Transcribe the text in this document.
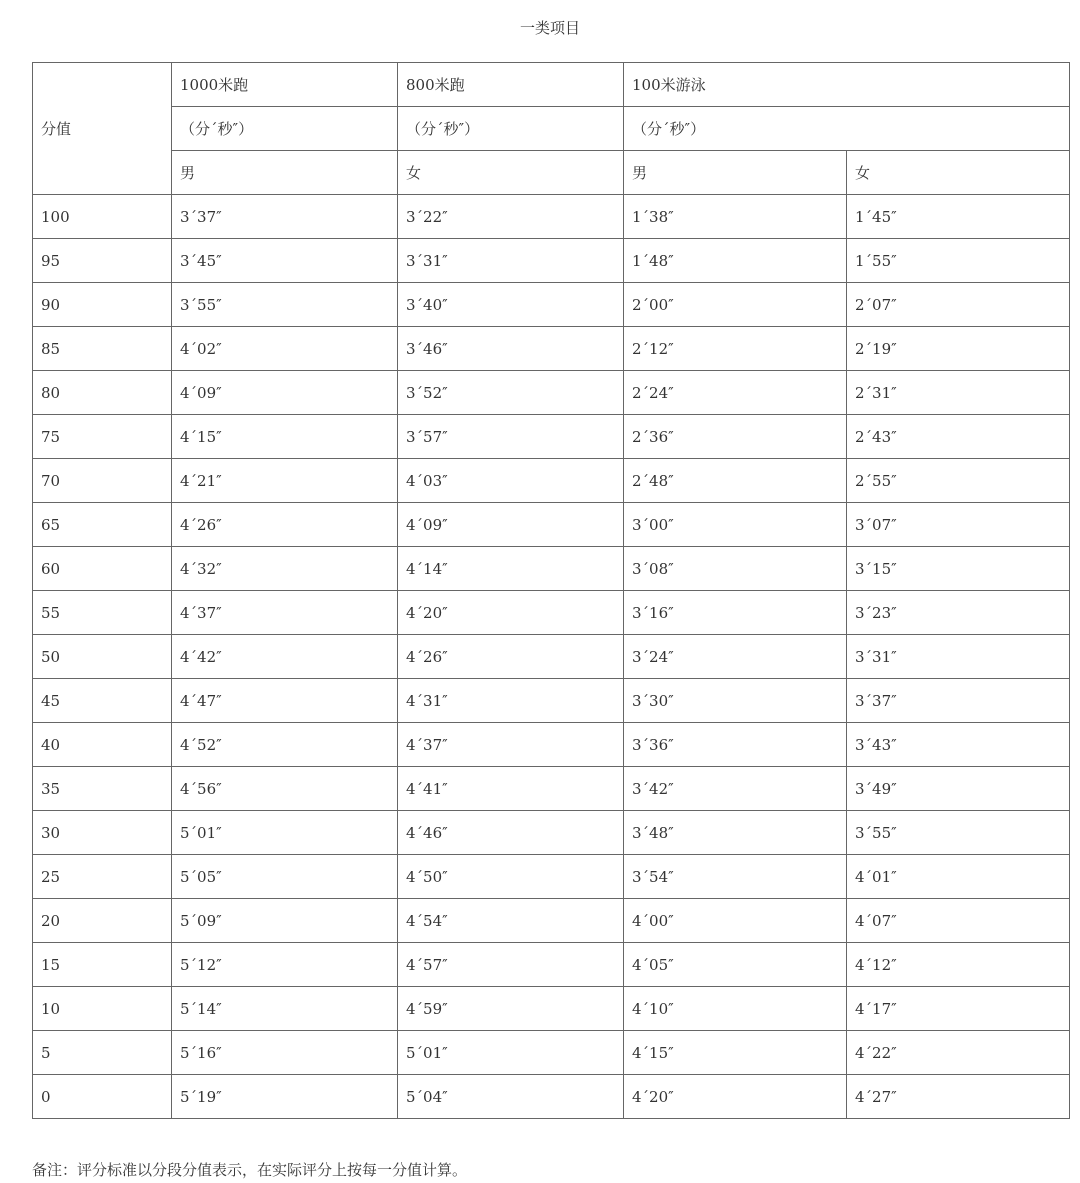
一类项目
分值	1000米跑	800米跑	100米游泳	
	（分´秒″）	（分´秒″）	（分´秒″）	
	男	女	男	女
100	3´37″	3´22″	1´38″	1´45″
95	3´45″	3´31″	1´48″	1´55″
90	3´55″	3´40″	2´00″	2´07″
85	4´02″	3´46″	2´12″	2´19″
80	4´09″	3´52″	2´24″	2´31″
75	4´15″	3´57″	2´36″	2´43″
70	4´21″	4´03″	2´48″	2´55″
65	4´26″	4´09″	3´00″	3´07″
60	4´32″	4´14″	3´08″	3´15″
55	4´37″	4´20″	3´16″	3´23″
50	4´42″	4´26″	3´24″	3´31″
45	4´47″	4´31″	3´30″	3´37″
40	4´52″	4´37″	3´36″	3´43″
35	4´56″	4´41″	3´42″	3´49″
30	5´01″	4´46″	3´48″	3´55″
25	5´05″	4´50″	3´54″	4´01″
20	5´09″	4´54″	4´00″	4´07″
15	5´12″	4´57″	4´05″	4´12″
10	5´14″	4´59″	4´10″	4´17″
5	5´16″	5´01″	4´15″	4´22″
0	5´19″	5´04″	4´20″	4´27″
备注：评分标准以分段分值表示，在实际评分上按每一分值计算。
